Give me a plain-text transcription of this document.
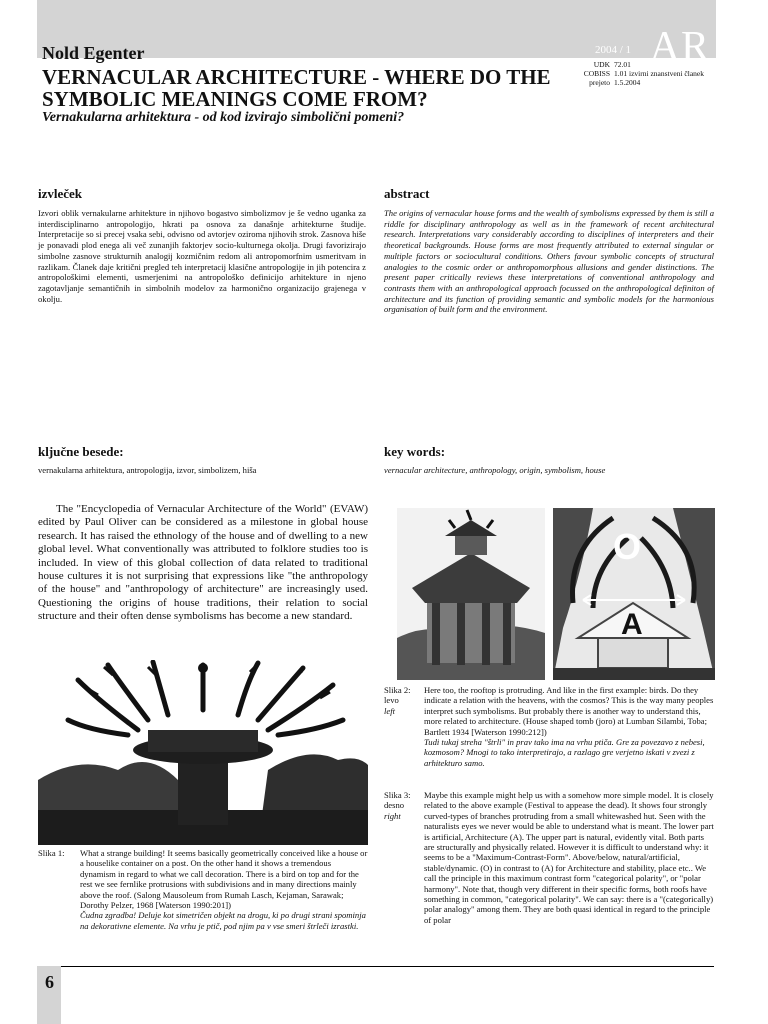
AR
2004 / 1
Nold Egenter
VERNACULAR ARCHITECTURE - WHERE DO THE SYMBOLIC MEANINGS COME FROM?
Vernakularna arhitektura - od kod izvirajo simbolični pomeni?
UDK 72.01
COBISS 1.01 izvirni znanstveni članek
prejeto 1.5.2004
izvleček
Izvori oblik vernakularne arhitekture in njihovo bogastvo simbolizmov je še vedno uganka za interdisciplinarno antropologijo, hkrati pa osnova za današnje arhitekturne študije. Interpretacije so si precej vsaka sebi, odvisno od avtorjev oziroma njihovih strok. Zasnova hiše je ponavadi plod enega ali več zunanjih faktorjev socio-kulturnega okolja. Drugi favorizirajo simbolne zasnove strukturnih analogij kozmičnim redom ali antropomorfnim usmeritvam in razlikam. Članek daje kritični pregled teh interpretacij klasične antropologije in jih potencira z antropološkimi elementi, usmerjenimi na antropološko definicijo arhitekture in njeno zagotavljanje semantičnih in simbolnih modelov za harmonično organizacijo grajenega v okolju.
abstract
The origins of vernacular house forms and the wealth of symbolisms expressed by them is still a riddle for disciplinary anthropology as well as in the framework of recent architectural research. Interpretations vary considerably according to disciplines of interpreters and their theoretical backgrounds. House forms are most frequently attributed to external singular or multiple factors or sociocultural conditions. Others favour symbolic concepts of structural analogies to the cosmic order or anthropomorphous allusions and gender distinctions. The present paper critically reviews these interpretations of conventional anthropology and contrasts them with an anthropological approach focussed on the anthropological definiton of architecture and its function of providing semantic and symbolic models for the harmonious organisation of built form and the environment.
ključne besede:
vernakularna arhitektura, antropologija, izvor, simbolizem, hiša
key words:
vernacular architecture, anthropology, origin, symbolism, house
The "Encyclopedia of Vernacular Architecture of the World" (EVAW) edited by Paul Oliver can be considered as a milestone in global house research. It has raised the ethnology of the house and of dwelling to a new global level. What conventionally was attributed to folklore studies too is included. In view of this global collection of data related to traditional house cultures it is not surprising that expressions like "the anthropology of the house" and "anthropology of architecture" are increasingly used. Questioning the origins of house traditions, their relation to social structure and their often dense symbolisms has become a new standard.
Slika 1:	What a strange building! It seems basically geometrically conceived like a house or a houselike container on a post. On the other hand it shows a tremendous dynamism in regard to what we call decoration. There is a bird on top and for the rest we see fernlike protrusions with subdivisions and in many directions mainly above the roof. (Salong Mausoleum from Rumah Lasch, Kejaman, Sarawak; Dorothy Pelzer, 1968 [Waterson 1990:201])
Čudna zgradba! Deluje kot simetričen objekt na drogu, ki po drugi strani spominja na dekorativne elemente. Na vrhu je ptič, pod njim pa v vse smeri štrleči izrastki.
O
A
Slika 2:
levo
left
Here too, the rooftop is protruding. And like in the first example: birds. Do they indicate a relation with the heavens, with the cosmos? This is the way many peoples interpret such symbolisms. But probably there is another way to understand this, more related to architecture. (House shaped tomb (joro) at Lumban Silambi, Toba; Bartlett 1934 [Waterson 1990:212])
Tudi tukaj streha "štrli" in prav tako ima na vrhu ptiča. Gre za povezavo z nebesi, kozmosom? Mnogi to tako interpretirajo, a razlago gre verjetno iskati v zvezi z arhitekturo samo.
Slika 3:
desno
right
Maybe this example might help us with a somehow more simple model. It is closely related to the above example (Festival to appease the dead). It shows four strongly curved-types of branches protruding from a small whitewashed hut. Seen with the naturalists eyes we never would be able to understand what is meant. The lower part is artificial, Architecture (A). The upper part is natural, evidently vital. Both parts are structurally and physically related. However it is difficult to understand why: it seems to be a "Maximum-Contrast-Form". Above/below, natural/artificial, stable/dynamic. (O) in contrast to (A) for Architecture and stability, place etc.. We call the principle in this maximum contrast form "categorical polarity", or "polar harmony". Note that, though very different in their specific forms, both roofs have something in common, "categorical polarity". We can say: there is a "(categorically) polar analogy" among them. They are both quasi identical in regard to the principle of polar
6
